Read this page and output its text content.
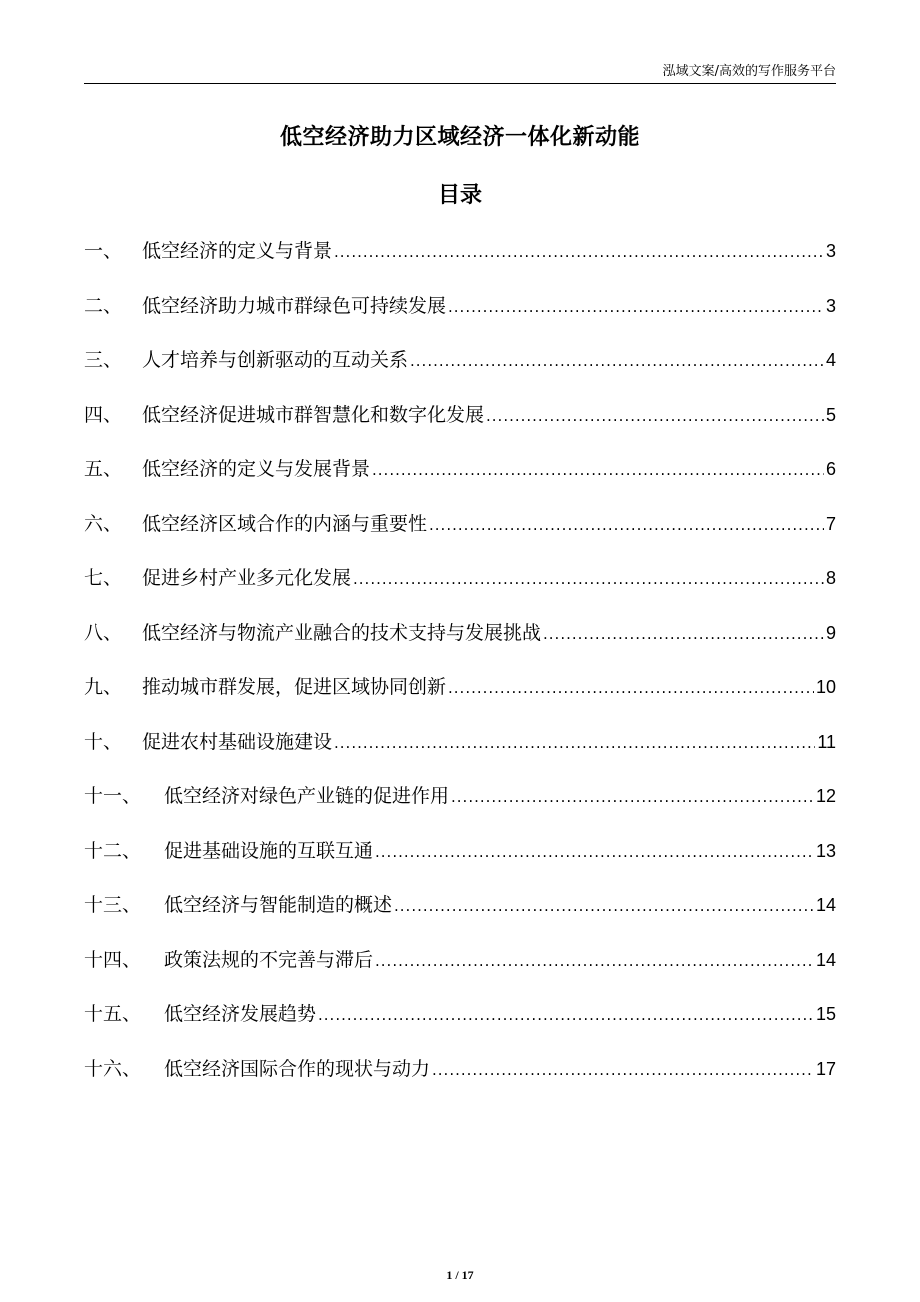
泓域文案/高效的写作服务平台
低空经济助力区域经济一体化新动能
目录
一、	低空经济的定义与背景 .....	3
二、	低空经济助力城市群绿色可持续发展 .....	3
三、	人才培养与创新驱动的互动关系 .....	4
四、	低空经济促进城市群智慧化和数字化发展 .....	5
五、	低空经济的定义与发展背景 .....	6
六、	低空经济区域合作的内涵与重要性 .....	7
七、	促进乡村产业多元化发展 .....	8
八、	低空经济与物流产业融合的技术支持与发展挑战 .....	9
九、	推动城市群发展，促进区域协同创新 .....	10
十、	促进农村基础设施建设 .....	11
十一、	低空经济对绿色产业链的促进作用 .....	12
十二、	促进基础设施的互联互通 .....	13
十三、	低空经济与智能制造的概述 .....	14
十四、	政策法规的不完善与滞后 .....	14
十五、	低空经济发展趋势 .....	15
十六、	低空经济国际合作的现状与动力 .....	17
1 / 17
